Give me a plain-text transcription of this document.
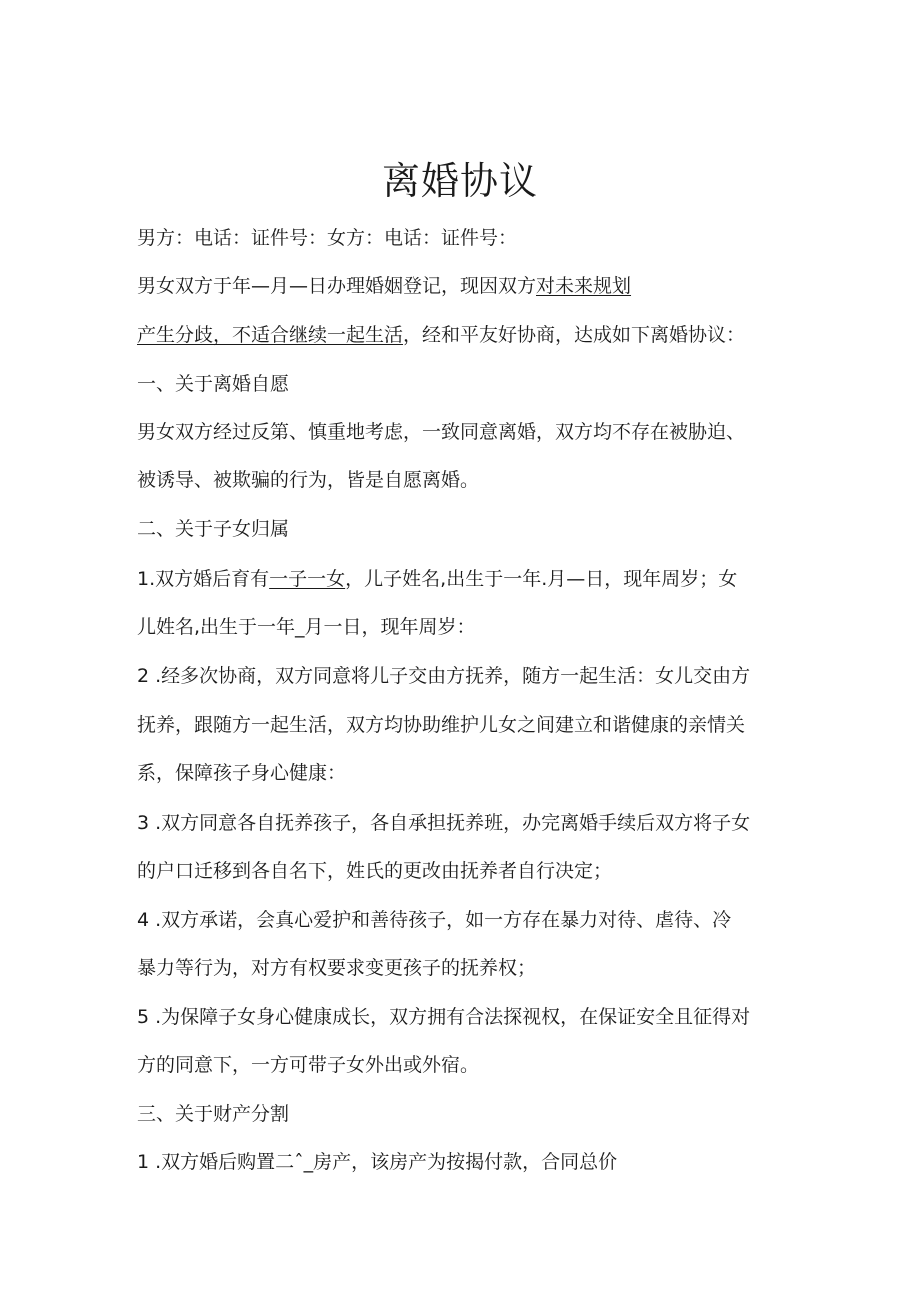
离婚协议

男方：电话：证件号：女方：电话：证件号：

男女双方于年—月—日办理婚姻登记，现因双方对未来规划

产生分歧，不适合继续一起生活，经和平友好协商，达成如下离婚协议：

一、关于离婚自愿

男女双方经过反第、慎重地考虑，一致同意离婚，双方均不存在被胁迫、

被诱导、被欺骗的行为，皆是自愿离婚。

二、关于子女归属

1.双方婚后育有一子一女，儿子姓名,出生于一年.月—日，现年周岁；女

儿姓名,出生于一年_月一日，现年周岁：

2 .经多次协商，双方同意将儿子交由方抚养，随方一起生活：女儿交由方

抚养，跟随方一起生活，双方均协助维护儿女之间建立和谐健康的亲情关

系，保障孩子身心健康：

3 .双方同意各自抚养孩子，各自承担抚养班，办完离婚手续后双方将子女

的户口迁移到各自名下，姓氏的更改由抚养者自行决定；

4 .双方承诺，会真心爱护和善待孩子，如一方存在暴力对待、虐待、冷

暴力等行为，对方有权要求变更孩子的抚养权；

5 .为保障子女身心健康成长，双方拥有合法探视权，在保证安全且征得对

方的同意下，一方可带子女外出或外宿。

三、关于财产分割

1 .双方婚后购置二ˆ_房产，该房产为按揭付款，合同总价
